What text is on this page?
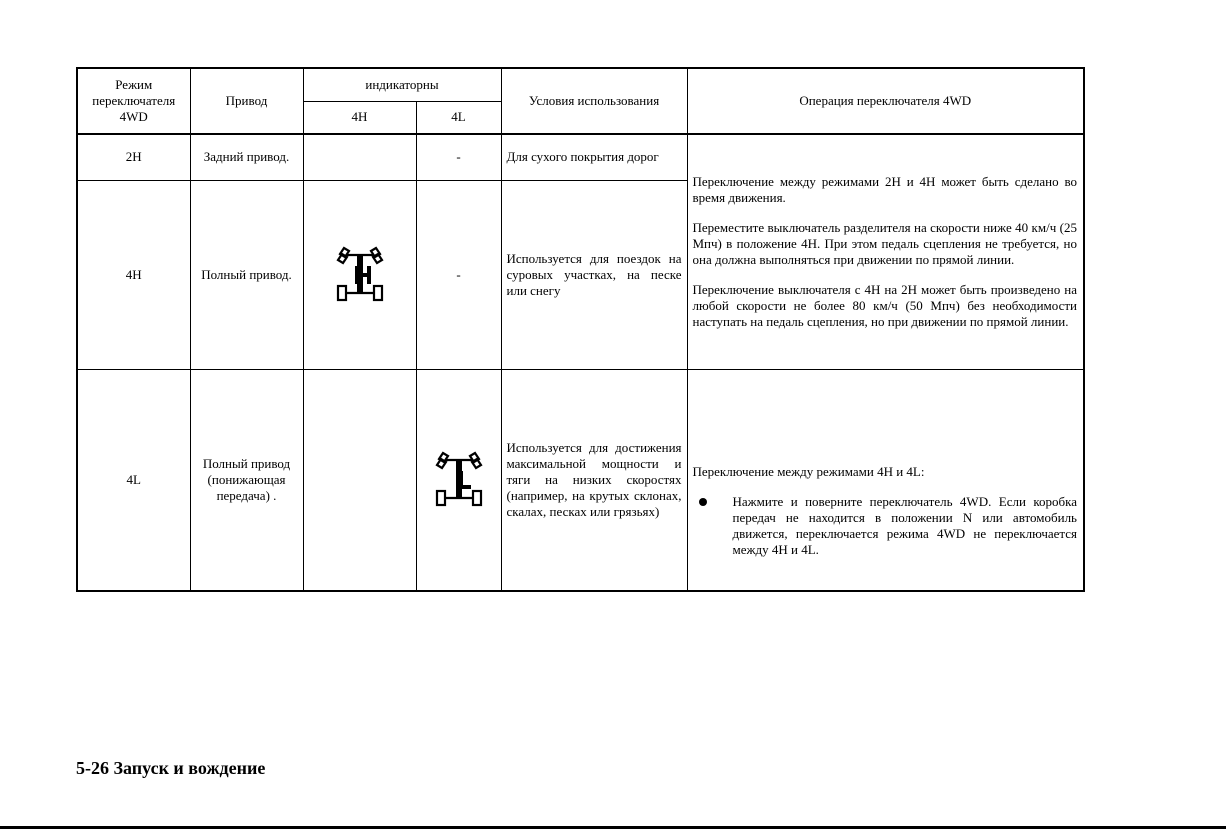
Режим переключателя 4WD	Привод	индикаторны		Условия использования	Операция переключателя 4WD
		4H	4L		
2H	Задний привод.		-	Для сухого покрытия дорог	Переключение между режимами 2H и 4H может быть сделано во время движения.

Переместите выключатель разделителя на скорости ниже 40 км/ч (25 Мпч) в положение 4H. При этом педаль сцепления не требуется, но она должна выполняться при движении по прямой линии.

Переключение выключателя с 4H на 2H может быть произведено на любой скорости не более 80 км/ч (50 Мпч) без необходимости наступать на педаль сцепления, но при движении по прямой линии.

4H	Полный привод.		-	Используется для поездок на суровых участках, на песке или снегу	
4L	Полный привод (понижающая передача) .			Используется для достижения максимальной мощности и тяги на низких скоростях (например, на крутых склонах, скалах, песках или грязьях)	Переключение между режимами 4H и 4L:

Нажмите и поверните переключатель 4WD. Если коробка передач не находится в положении N или автомобиль движется, переключается режима 4WD не переключается между 4H и 4L.
5-26 Запуск и вождение
